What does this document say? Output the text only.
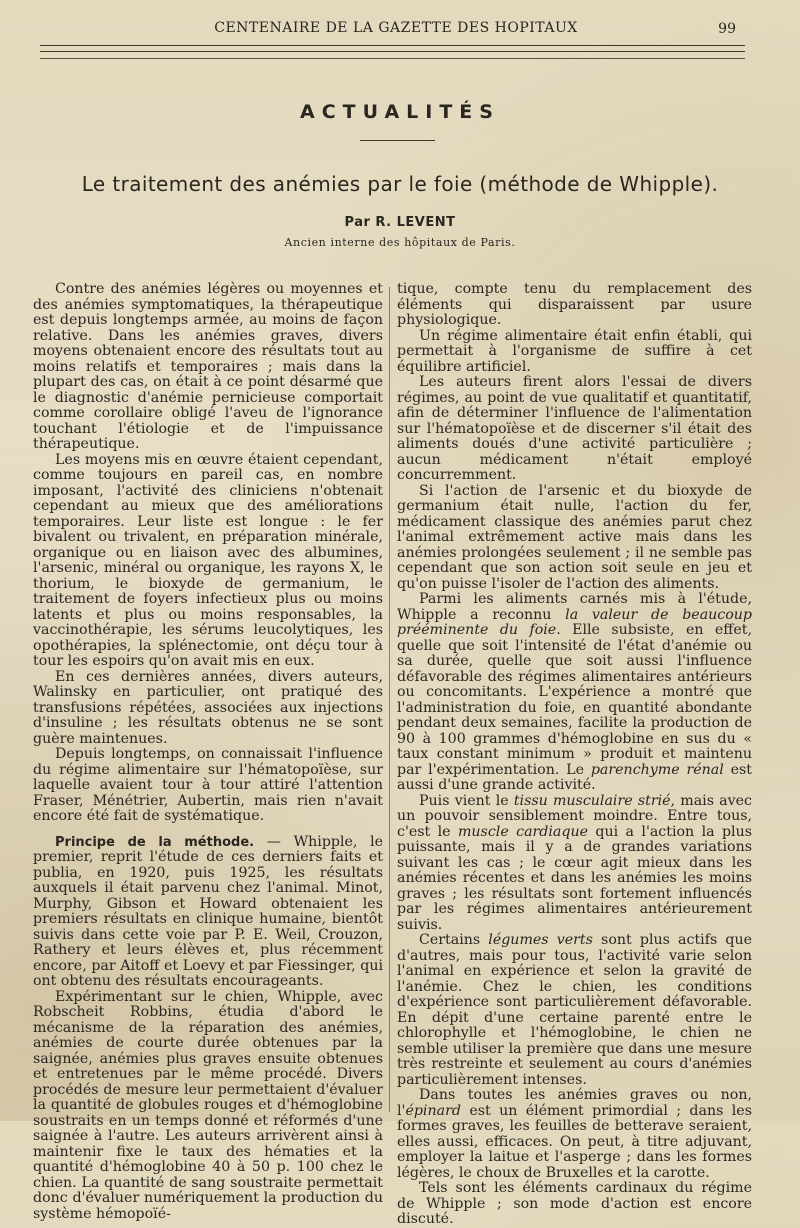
CENTENAIRE DE LA GAZETTE DES HOPITAUX	99
ACTUALITÉS
Le traitement des anémies par le foie (méthode de Whipple).
Par R. LEVENT
Ancien interne des hôpitaux de Paris.

Contre des anémies légères ou moyennes et des anémies symptomatiques, la thérapeutique est depuis longtemps armée, au moins de façon relative. Dans les anémies graves, divers moyens obtenaient encore des résultats tout au moins relatifs et temporaires ; mais dans la plupart des cas, on était à ce point désarmé que le diagnostic d'anémie pernicieuse comportait comme corollaire obligé l'aveu de l'ignorance touchant l'étiologie et de l'impuissance thérapeutique.

Les moyens mis en œuvre étaient cependant, comme toujours en pareil cas, en nombre imposant, l'activité des cliniciens n'obtenait cependant au mieux que des améliorations temporaires. Leur liste est longue : le fer bivalent ou trivalent, en préparation minérale, organique ou en liaison avec des albumines, l'arsenic, minéral ou organique, les rayons X, le thorium, le bioxyde de germanium, le traitement de foyers infectieux plus ou moins latents et plus ou moins responsables, la vaccinothérapie, les sérums leucolytiques, les opothérapies, la splénectomie, ont déçu tour à tour les espoirs qu'on avait mis en eux.

En ces dernières années, divers auteurs, Walinsky en particulier, ont pratiqué des transfusions répétées, associées aux injections d'insuline ; les résultats obtenus ne se sont guère maintenues.

Depuis longtemps, on connaissait l'influence du régime alimentaire sur l'hématopoïèse, sur laquelle avaient tour à tour attiré l'attention Fraser, Ménétrier, Aubertin, mais rien n'avait encore été fait de systématique.

Principe de la méthode. — Whipple, le premier, reprit l'étude de ces derniers faits et publia, en 1920, puis 1925, les résultats auxquels il était parvenu chez l'animal. Minot, Murphy, Gibson et Howard obtenaient les premiers résultats en clinique humaine, bientôt suivis dans cette voie par P. E. Weil, Crouzon, Rathery et leurs élèves et, plus récemment encore, par Aitoff et Loevy et par Fiessinger, qui ont obtenu des résultats encourageants.

Expérimentant sur le chien, Whipple, avec Robscheit Robbins, étudia d'abord le mécanisme de la réparation des anémies, anémies de courte durée obtenues par la saignée, anémies plus graves ensuite obtenues et entretenues par le même procédé. Divers procédés de mesure leur permettaient d'évaluer la quantité de globules rouges et d'hémoglobine soustraits en un temps donné et réformés d'une saignée à l'autre. Les auteurs arrivèrent ainsi à maintenir fixe le taux des hématies et la quantité d'hémoglobine 40 à 50 p. 100 chez le chien. La quantité de sang soustraite permettait donc d'évaluer numériquement la production du système hémopoïé-

tique, compte tenu du remplacement des éléments qui disparaissent par usure physiologique.

Un régime alimentaire était enfin établi, qui permettait à l'organisme de suffire à cet équilibre artificiel.

Les auteurs firent alors l'essai de divers régimes, au point de vue qualitatif et quantitatif, afin de déterminer l'influence de l'alimentation sur l'hématopoïèse et de discerner s'il était des aliments doués d'une activité particulière ; aucun médicament n'était employé concurremment.

Si l'action de l'arsenic et du bioxyde de germanium était nulle, l'action du fer, médicament classique des anémies parut chez l'animal extrêmement active mais dans les anémies prolongées seulement ; il ne semble pas cependant que son action soit seule en jeu et qu'on puisse l'isoler de l'action des aliments.

Parmi les aliments carnés mis à l'étude, Whipple a reconnu la valeur de beaucoup prééminente du foie. Elle subsiste, en effet, quelle que soit l'intensité de l'état d'anémie ou sa durée, quelle que soit aussi l'influence défavorable des régimes alimentaires antérieurs ou concomitants. L'expérience a montré que l'administration du foie, en quantité abondante pendant deux semaines, facilite la production de 90 à 100 grammes d'hémoglobine en sus du « taux constant minimum » produit et maintenu par l'expérimentation. Le parenchyme rénal est aussi d'une grande activité.

Puis vient le tissu musculaire strié, mais avec un pouvoir sensiblement moindre. Entre tous, c'est le muscle cardiaque qui a l'action la plus puissante, mais il y a de grandes variations suivant les cas ; le cœur agit mieux dans les anémies récentes et dans les anémies les moins graves ; les résultats sont fortement influencés par les régimes alimentaires antérieurement suivis.

Certains légumes verts sont plus actifs que d'autres, mais pour tous, l'activité varie selon l'animal en expérience et selon la gravité de l'anémie. Chez le chien, les conditions d'expérience sont particulièrement défavorable. En dépit d'une certaine parenté entre le chlorophylle et l'hémoglobine, le chien ne semble utiliser la première que dans une mesure très restreinte et seulement au cours d'anémies particulièrement intenses.

Dans toutes les anémies graves ou non, l'épinard est un élément primordial ; dans les formes graves, les feuilles de betterave seraient, elles aussi, efficaces. On peut, à titre adjuvant, employer la laitue et l'asperge ; dans les formes légères, le choux de Bruxelles et la carotte.

Tels sont les éléments cardinaux du régime de Whipple ; son mode d'action est encore discuté.
